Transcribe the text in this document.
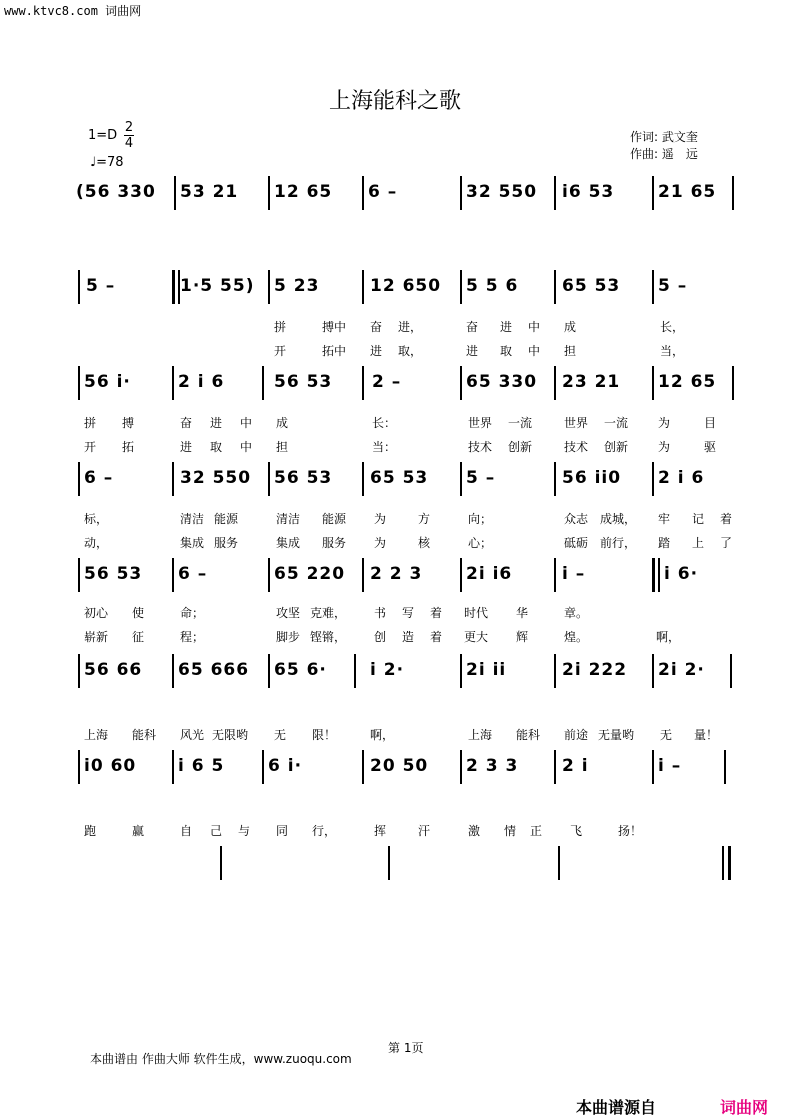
www.ktvc8.com 词曲网
上海能科之歌
1=D
2
4
♩=78
作词: 武文奎
作曲: 遥　远
(56 330 53 21 12 65 6 –	32 550 i6 53	21 65
5 –	1·5 55) 5 23	12 650 5 5 6	65 53 5 –
拼	搏中 奋 进，	奋 进 中 成	长，
开	拓中 进 取，	进 取 中 担	当，
56 i·	2 i 6	56 53 2 –	65 330 23 21 12 65
拼 搏	奋 进 中 成	长：	世界 一流	世界 一流 为	目
开 拓	进 取 中 担	当：	技术 创新	技术 创新 为	驱
6 –	32 550 56 53 65 53 5 –	56 ii0 2 i 6
标，	清洁 能源	清洁 能源 为	方	向；	众志 成城， 牢 记 着
动，	集成 服务	集成 服务 为	核	心；	砥砺 前行， 踏 上 了
56 53 6 –	65 220 2 2 3	2i i6	i –	i 6·
初心 使	命；	攻坚 克难， 书 写 着 时代 华	章。
崭新 征	程；	脚步 铿锵， 创 造 着 更大 辉	煌。	啊，
56 66 65 666 65 6·	i 2·	2i ii	2i 222 2i 2·
上海 能科 风光 无限哟 无 限！	啊，	上海 能科 前途 无量哟 无 量！
i0 60 i 6 5	6 i·	20 50 2 3 3	2 i	i –
跑	赢	自 己 与 同 行，	挥	汗	激 情 正 飞	扬！
第 1页
本曲谱由 作曲大师 软件生成，www.zuoqu.com
本曲谱源自	词曲网
